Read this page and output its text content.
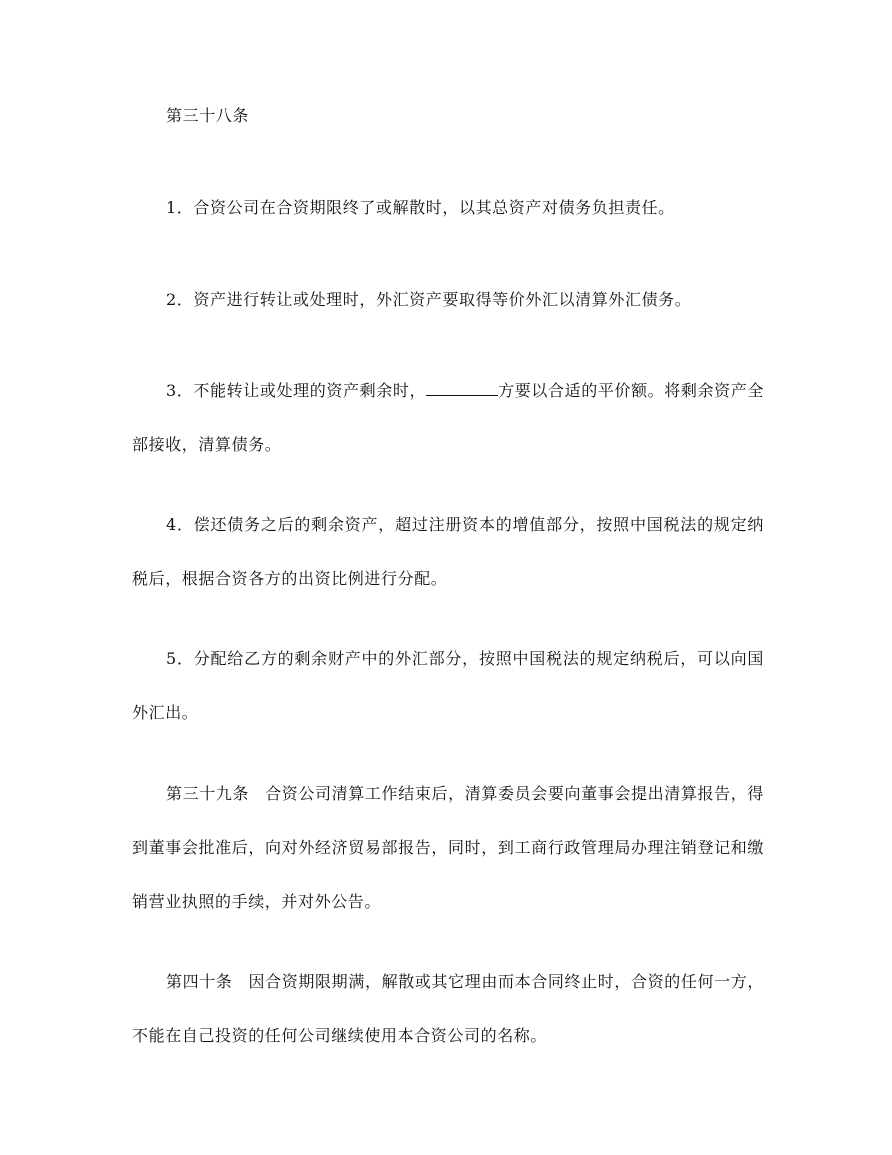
第三十八条

1．合资公司在合资期限终了或解散时，以其总资产对债务负担责任。

2．资产进行转让或处理时，外汇资产要取得等价外汇以清算外汇债务。

3．不能转让或处理的资产剩余时，	方要以合适的平价额。将剩余资产全部接收，清算债务。

4．偿还债务之后的剩余资产，超过注册资本的增值部分，按照中国税法的规定纳税后，根据合资各方的出资比例进行分配。

5．分配给乙方的剩余财产中的外汇部分，按照中国税法的规定纳税后，可以向国外汇出。

第三十九条 合资公司清算工作结束后，清算委员会要向董事会提出清算报告，得到董事会批准后，向对外经济贸易部报告，同时，到工商行政管理局办理注销登记和缴销营业执照的手续，并对外公告。

第四十条 因合资期限期满，解散或其它理由而本合同终止时，合资的任何一方，不能在自己投资的任何公司继续使用本合资公司的名称。
